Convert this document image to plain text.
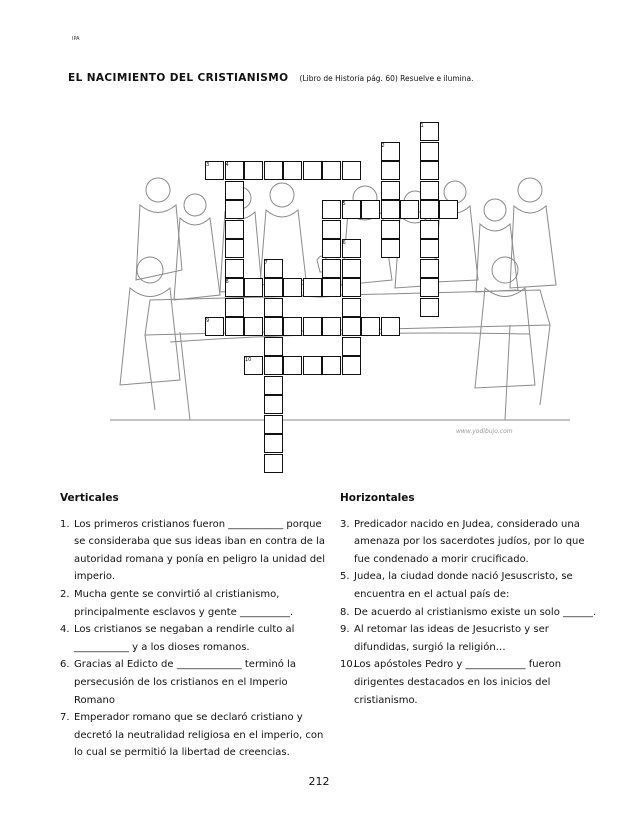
IPA
EL NACIMIENTO DEL CRISTIANISMO (Libro de Historia pág. 60) Resuelve e ilumina.
www.yodibujo.com
1
2
3	4
5
6
7
8
9
10
Verticales
1. Los primeros cristianos fueron ___________ porque se consideraba que sus ideas iban en contra de la autoridad romana y ponía en peligro la unidad del imperio.
2. Mucha gente se convirtió al cristianismo, principalmente esclavos y gente __________.
4. Los cristianos se negaban a rendirle culto al ___________ y a los dioses romanos.
6. Gracias al Edicto de _____________ terminó la persecusión de los cristianos en el Imperio Romano
7. Emperador romano que se declaró cristiano y decretó la neutralidad religiosa en el imperio, con lo cual se permitió la libertad de creencias.
Horizontales
3. Predicador nacido en Judea, considerado una amenaza por los sacerdotes judíos, por lo que fue condenado a morir crucificado.
5. Judea, la ciudad donde nació Jesuscristo, se encuentra en el actual país de:
8. De acuerdo al cristianismo existe un solo ______.
9. Al retomar las ideas de Jesucristo y ser difundidas, surgió la religión…
10.
Los apóstoles Pedro y ____________ fueron dirigentes destacados en los inicios del cristianismo.
212
